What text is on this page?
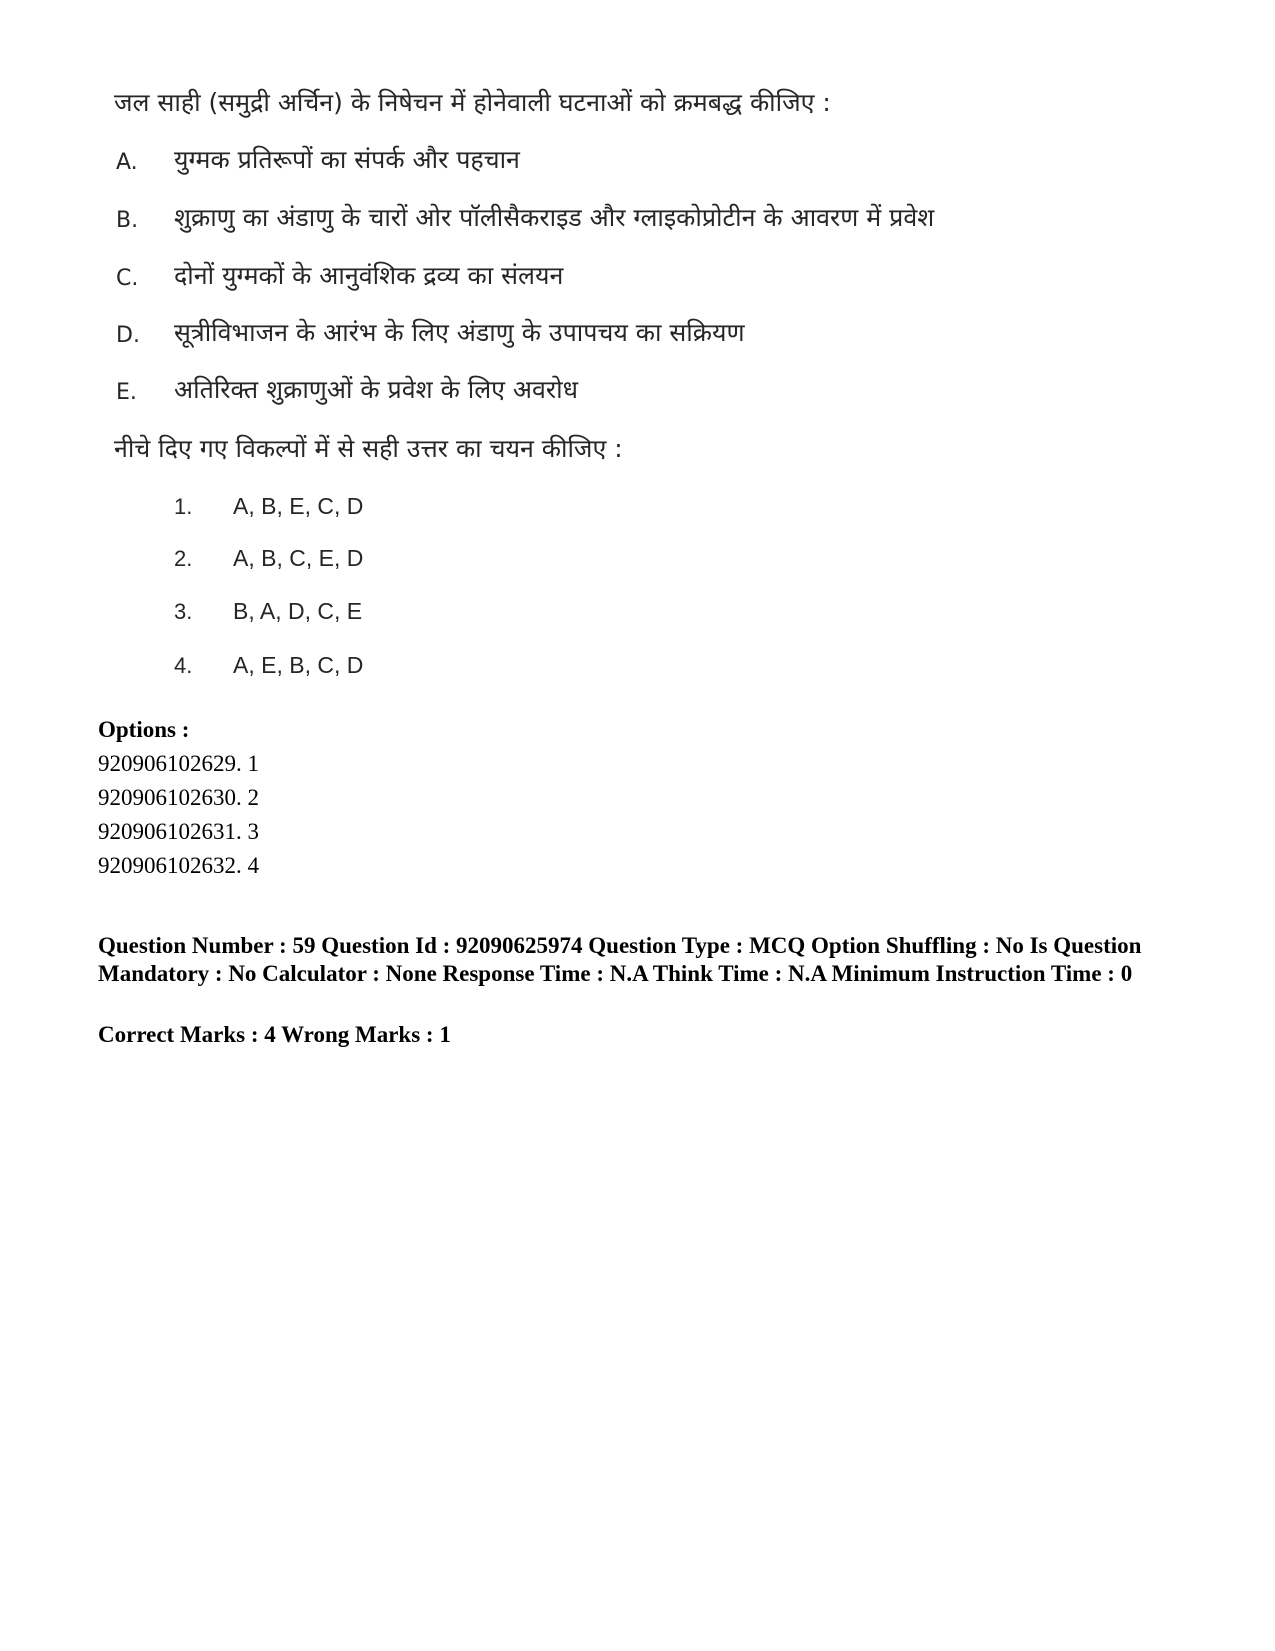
जल साही (समुद्री अर्चिन) के निषेचन में होनेवाली घटनाओं को क्रमबद्ध कीजिए :
A. युग्मक प्रतिरूपों का संपर्क और पहचान
B. शुक्राणु का अंडाणु के चारों ओर पॉलीसैकराइड और ग्लाइकोप्रोटीन के आवरण में प्रवेश
C. दोनों युग्मकों के आनुवंशिक द्रव्य का संलयन
D. सूत्रीविभाजन के आरंभ के लिए अंडाणु के उपापचय का सक्रियण
E. अतिरिक्त शुक्राणुओं के प्रवेश के लिए अवरोध
नीचे दिए गए विकल्पों में से सही उत्तर का चयन कीजिए :
1. A, B, E, C, D
2. A, B, C, E, D
3. B, A, D, C, E
4. A, E, B, C, D
Options :
920906102629. 1
920906102630. 2
920906102631. 3
920906102632. 4
Question Number : 59 Question Id : 92090625974 Question Type : MCQ Option Shuffling : No Is Question Mandatory : No Calculator : None Response Time : N.A Think Time : N.A Minimum Instruction Time : 0
Correct Marks : 4 Wrong Marks : 1
